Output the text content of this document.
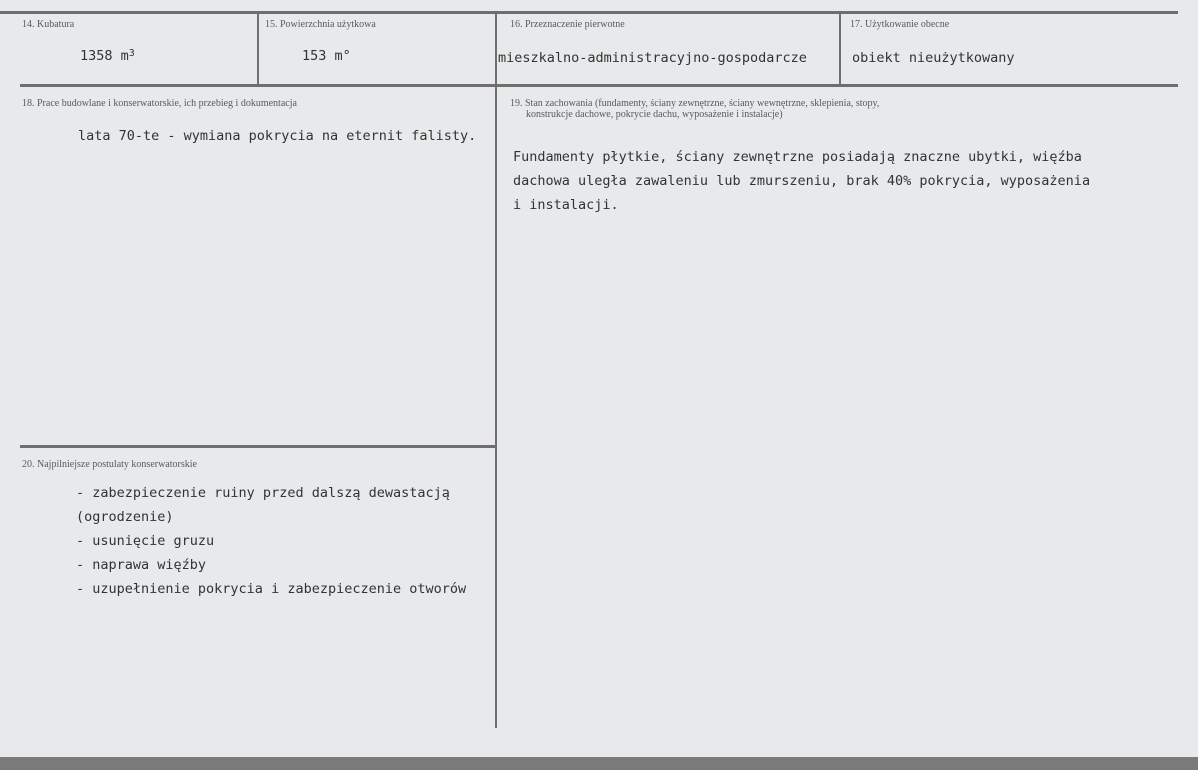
14. Kubatura
1358 $m^3$
15. Powierzchnia użytkowa
153 m°
16. Przeznaczenie pierwotne
mieszkalno-administracyjno-gospodarcze
17. Użytkowanie obecne
obiekt nieużytkowany
18. Prace budowlane i konserwatorskie, ich przebieg i dokumentacja
lata 70-te - wymiana pokrycia na eternit falisty.
19. Stan zachowania (fundamenty, ściany zewnętrzne, ściany wewnętrzne, sklepienia, stopy,
konstrukcje dachowe, pokrycie dachu, wyposażenie i instalacje)
Fundamenty płytkie, ściany zewnętrzne posiadają znaczne ubytki, więźba
dachowa uległa zawaleniu lub zmurszeniu, brak 40% pokrycia, wyposażenia
i instalacji.
20. Najpilniejsze postulaty konserwatorskie
- zabezpieczenie ruiny przed dalszą dewastacją
(ogrodzenie)
- usunięcie gruzu
- naprawa więźby
- uzupełnienie pokrycia i zabezpieczenie otworów
